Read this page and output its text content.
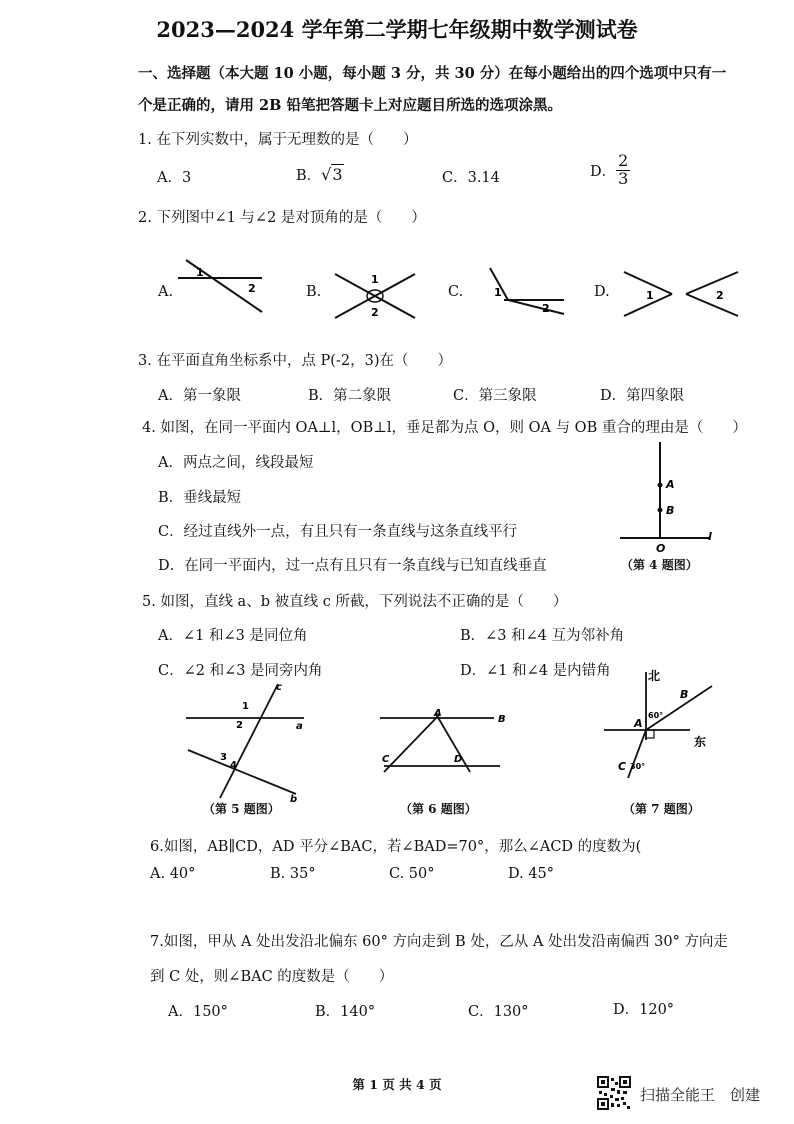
2023—2024 学年第二学期七年级期中数学测试卷
一、选择题（本大题 10 小题，每小题 3 分，共 30 分）在每小题给出的四个选项中只有一
个是正确的，请用 2B 铅笔把答题卡上对应题目所选的选项涂黑。
1. 在下列实数中，属于无理数的是（　　）
A．3	B．√3	C．3.14	D． $\frac{2}{3}$
2. 下列图中∠1 与∠2 是对顶角的是（　　）
A.	B.	C.	D.
1
2
1
2
1
2
1	2
3. 在平面直角坐标系中，点 P(-2，3)在（　　）
A．第一象限	B．第二象限	C．第三象限	D．第四象限
4. 如图，在同一平面内 OA⊥l，OB⊥l，垂足都为点 O，则 OA 与 OB 重合的理由是（　　）
A．两点之间，线段最短
B．垂线最短
C．经过直线外一点，有且只有一条直线与这条直线平行
D．在同一平面内，过一点有且只有一条直线与已知直线垂直
A
B
O
l
（第 4 题图）
5. 如图，直线 a、b 被直线 c 所截，下列说法不正确的是（　　）
A．∠1 和∠3 是同位角	B．∠3 和∠4 互为邻补角
C．∠2 和∠3 是同旁内角	D．∠1 和∠4 是内错角
c
a
b
1
2
3
4
（第 5 题图）
A
B
C	D
（第 6 题图）
A
B
C
北
东
60°
30°
（第 7 题图）
6.如图，AB∥CD，AD 平分∠BAC，若∠BAD=70°，那么∠ACD 的度数为(
A. 40°	B. 35°	C. 50°	D. 45°
7.如图，甲从 A 处出发沿北偏东 60° 方向走到 B 处，乙从 A 处出发沿南偏西 30° 方向走
到 C 处，则∠BAC 的度数是（　　）
A．150°	B．140°	C．130°	D．120°
第 1 页 共 4 页
扫描全能王　创建
